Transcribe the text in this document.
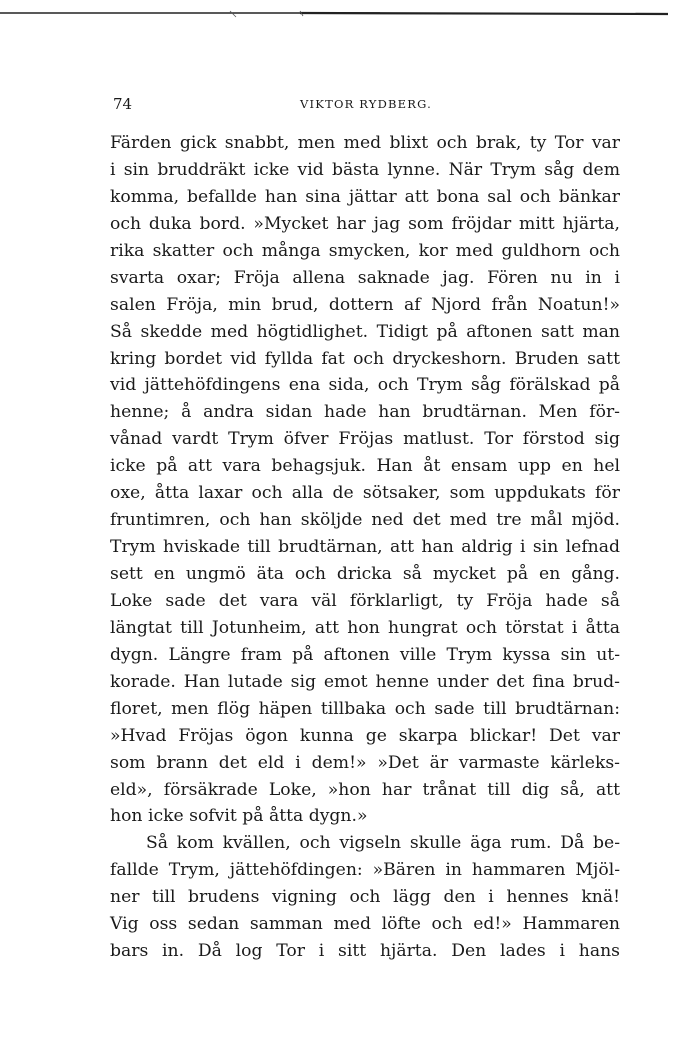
74	VIKTOR RYDBERG.
Färden gick snabbt, men med blixt och brak, ty Tor var
i sin bruddräkt icke vid bästa lynne. När Trym såg dem
komma, befallde han sina jättar att bona sal och bänkar
och duka bord. »Mycket har jag som fröjdar mitt hjärta,
rika skatter och många smycken, kor med guldhorn och
svarta oxar; Fröja allena saknade jag. Fören nu in i
salen Fröja, min brud, dottern af Njord från Noatun!»
Så skedde med högtidlighet. Tidigt på aftonen satt man
kring bordet vid fyllda fat och dryckeshorn. Bruden satt
vid jättehöfdingens ena sida, och Trym såg förälskad på
henne; å andra sidan hade han brudtärnan. Men för-
vånad vardt Trym öfver Fröjas matlust. Tor förstod sig
icke på att vara behagsjuk. Han åt ensam upp en hel
oxe, åtta laxar och alla de sötsaker, som uppdukats för
fruntimren, och han sköljde ned det med tre mål mjöd.
Trym hviskade till brudtärnan, att han aldrig i sin lefnad
sett en ungmö äta och dricka så mycket på en gång.
Loke sade det vara väl förklarligt, ty Fröja hade så
längtat till Jotunheim, att hon hungrat och törstat i åtta
dygn. Längre fram på aftonen ville Trym kyssa sin ut-
korade. Han lutade sig emot henne under det fina brud-
floret, men flög häpen tillbaka och sade till brudtärnan:
»Hvad Fröjas ögon kunna ge skarpa blickar! Det var
som brann det eld i dem!» »Det är varmaste kärleks-
eld», försäkrade Loke, »hon har trånat till dig så, att
hon icke sofvit på åtta dygn.»
Så kom kvällen, och vigseln skulle äga rum. Då be-
fallde Trym, jättehöfdingen: »Bären in hammaren Mjöl-
ner till brudens vigning och lägg den i hennes knä!
Vig oss sedan samman med löfte och ed!» Hammaren
bars in. Då log Tor i sitt hjärta. Den lades i hans
